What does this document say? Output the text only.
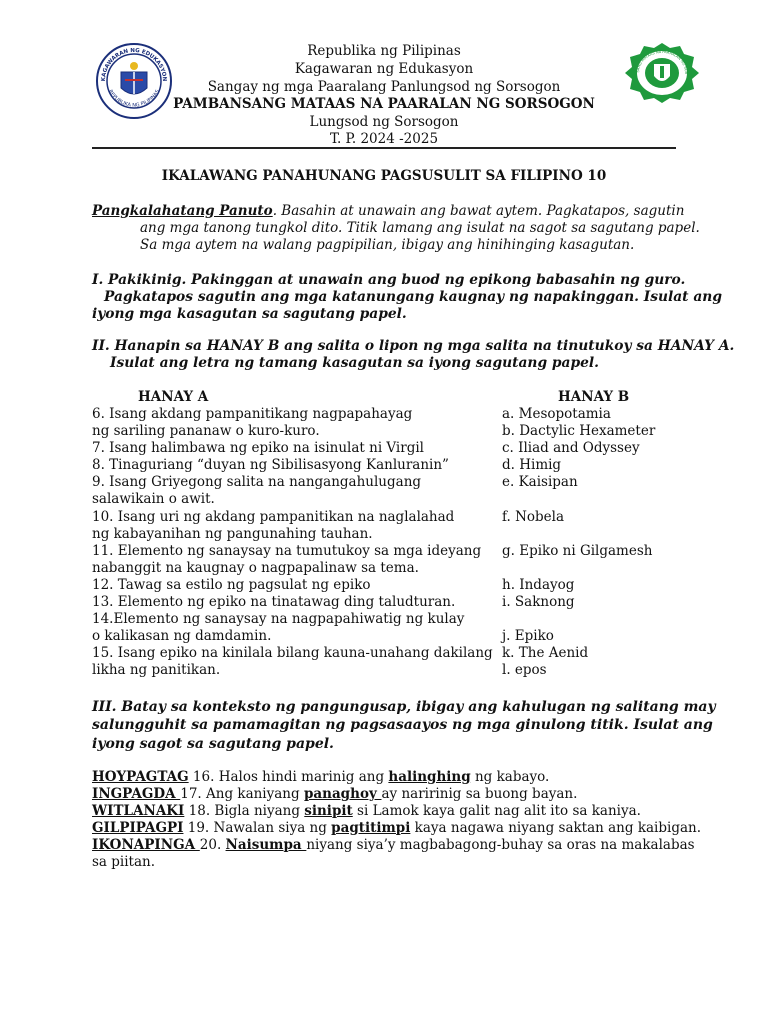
KAGAWARAN NG EDUKASYON
REPUBLIKA NG PILIPINAS
SANG MATAAS NA PAARALAN NG SOR
Republika ng Pilipinas
Kagawaran ng Edukasyon
Sangay ng mga Paaralang Panlungsod ng Sorsogon
PAMBANSANG MATAAS NA PAARALAN NG SORSOGON
Lungsod ng Sorsogon
T. P. 2024 -2025
IKALAWANG PANAHUNANG PAGSUSULIT SA FILIPINO 10
Pangkalahatang Panuto. Basahin at unawain ang bawat aytem. Pagkatapos, sagutin
ang mga tanong tungkol dito. Titik lamang ang isulat na sagot sa sagutang papel.
Sa mga aytem na walang pagpipilian, ibigay ang hinihinging kasagutan.
I. Pakikinig. Pakinggan at unawain ang buod ng epikong babasahin ng guro.
Pagkatapos sagutin ang mga katanungang kaugnay ng napakinggan. Isulat ang
iyong mga kasagutan sa sagutang papel.
II. Hanapin sa HANAY B ang salita o lipon ng mga salita na tinutukoy sa HANAY A.
Isulat ang letra ng tamang kasagutan sa iyong sagutang papel.
HANAY A	HANAY B
6. Isang akdang pampanitikang nagpapahayag
ng sariling pananaw o kuro-kuro.
7. Isang halimbawa ng epiko na isinulat ni Virgil
8. Tinaguriang “duyan ng Sibilisasyong Kanluranin”
9. Isang Griyegong salita na nangangahulugang
salawikain o awit.
10. Isang uri ng akdang pampanitikan na naglalahad
ng kabayanihan ng pangunahing tauhan.
11. Elemento ng sanaysay na tumutukoy sa mga ideyang
nabanggit na kaugnay o nagpapalinaw sa tema.
12. Tawag sa estilo ng pagsulat ng epiko
13. Elemento ng epiko na tinatawag ding taludturan.
14.Elemento ng sanaysay na nagpapahiwatig ng kulay
o kalikasan ng damdamin.
15. Isang epiko na kinilala bilang kauna-unahang dakilang
likha ng panitikan.
a. Mesopotamia
b. Dactylic Hexameter
c. Iliad and Odyssey
d. Himig
e. Kaisipan
f. Nobela
g. Epiko ni Gilgamesh
h. Indayog
i. Saknong
j. Epiko
k. The Aenid
l. epos
III. Batay sa konteksto ng pangungusap, ibigay ang kahulugan ng salitang may
salungguhit sa pamamagitan ng pagsasaayos ng mga ginulong titik. Isulat ang
iyong sagot sa sagutang papel.
HOYPAGTAG 16. Halos hindi marinig ang halinghing ng kabayo.
INGPAGDA 17. Ang kaniyang panaghoy ay naririnig sa buong bayan.
WITLANAKI 18. Bigla niyang sinipit si Lamok kaya galit nag alit ito sa kaniya.
GILPIPAGPI 19. Nawalan siya ng pagtitimpi kaya nagawa niyang saktan ang kaibigan.
IKONAPINGA 20. Naisumpa niyang siya’y magbabagong-buhay sa oras na makalabas
sa piitan.
